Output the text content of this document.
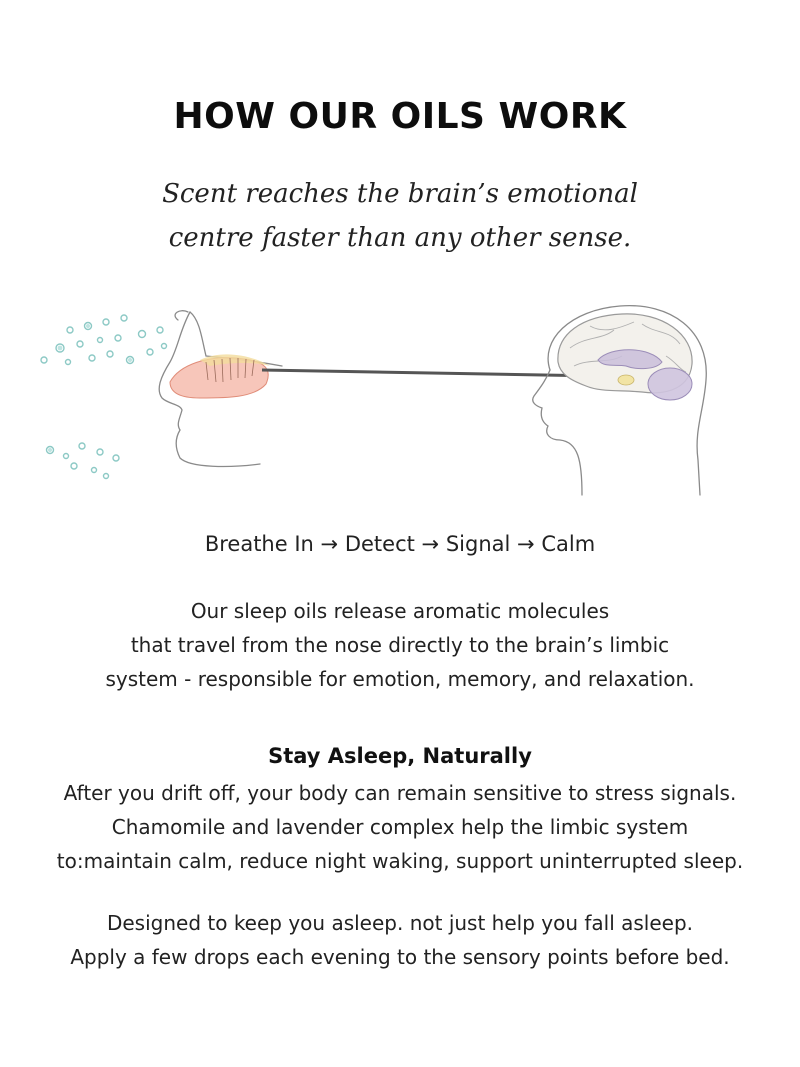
HOW OUR OILS WORK
Scent reaches the brain’s emotional
centre faster than any other sense.
Breathe In → Detect → Signal → Calm
Our sleep oils release aromatic molecules
that travel from the nose directly to the brain’s limbic
system - responsible for emotion, memory, and relaxation.
Stay Asleep, Naturally
After you drift off, your body can remain sensitive to stress signals.
Chamomile and lavender complex help the limbic system
to:maintain calm, reduce night waking, support uninterrupted sleep.
Designed to keep you asleep. not just help you fall asleep.
Apply a few drops each evening to the sensory points before bed.
